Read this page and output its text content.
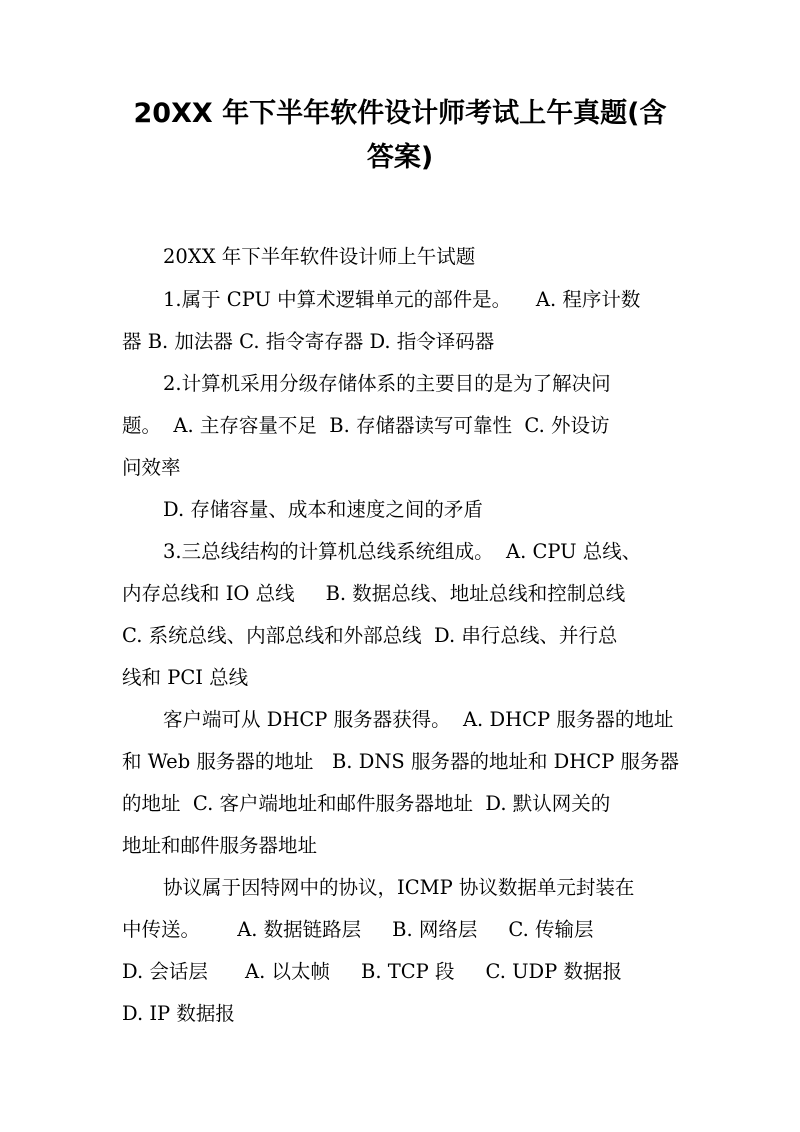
20XX 年下半年软件设计师考试上午真题(含
答案)

20XX 年下半年软件设计师上午试题

1.属于 CPU 中算术逻辑单元的部件是。    A. 程序计数

器 B. 加法器 C. 指令寄存器 D. 指令译码器

2.计算机采用分级存储体系的主要目的是为了解决问

题。  A. 主存容量不足  B. 存储器读写可靠性  C. 外设访

问效率

D. 存储容量、成本和速度之间的矛盾

3.三总线结构的计算机总线系统组成。  A. CPU 总线、

内存总线和 IO 总线     B. 数据总线、地址总线和控制总线

C. 系统总线、内部总线和外部总线  D. 串行总线、并行总

线和 PCI 总线

客户端可从 DHCP 服务器获得。  A. DHCP 服务器的地址

和 Web 服务器的地址   B. DNS 服务器的地址和 DHCP 服务器

的地址  C. 客户端地址和邮件服务器地址  D. 默认网关的

地址和邮件服务器地址

协议属于因特网中的协议，ICMP 协议数据单元封装在

中传送。      A. 数据链路层     B. 网络层     C. 传输层

D. 会话层      A. 以太帧     B. TCP 段     C. UDP 数据报

D. IP 数据报
